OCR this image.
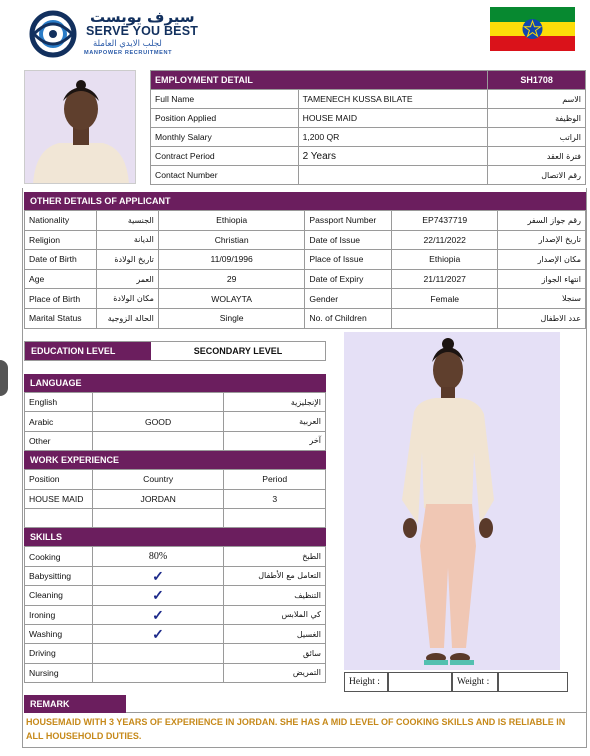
سيرف يوبست
SERVE YOU BEST
لجلب الايدي العاملة
MANPOWER RECRUITMENT
EMPLOYMENT DETAIL		SH1708
Full Name	TAMENECH KUSSA BILATE	الاسم
Position Applied	HOUSE MAID	الوظيفة
Monthly Salary	1,200 QR	الراتب
Contract Period	2 Years	فترة العقد
Contact Number		رقم الاتصال
OTHER DETAILS OF APPLICANT
Nationality	الجنسية	Ethiopia	Passport Number	EP7437719	رقم جواز السفر
Religion	الديانة	Christian	Date of Issue	22/11/2022	تاريخ الإصدار
Date of Birth	تاريخ الولادة	11/09/1996	Place of Issue	Ethiopia	مكان الإصدار
Age	العمر	29	Date of Expiry	21/11/2027	انتهاء الجواز
Place of Birth	مكان الولادة	WOLAYTA	Gender	Female	سنجلا
Marital Status	الحالة الزوجية	Single	No. of Children		عدد الاطفال
EDUCATION LEVEL	SECONDARY LEVEL
LANGUAGE
English		الإنجليزية
Arabic	GOOD	العربية
Other		آخر
WORK EXPERIENCE
Position	Country	Period
HOUSE MAID	JORDAN	3

SKILLS
Cooking	80%	الطبخ
Babysitting	✓	التعامل مع الأطفال
Cleaning	✓	التنظيف
Ironing	✓	كي الملابس
Washing	✓	الغسيل
Driving		سائق
Nursing		التمريض
Height :	Weight :
REMARK
HOUSEMAID WITH 3 YEARS OF EXPERIENCE IN JORDAN. SHE HAS A MID LEVEL OF COOKING SKILLS AND IS RELIABLE IN ALL HOUSEHOLD DUTIES.
